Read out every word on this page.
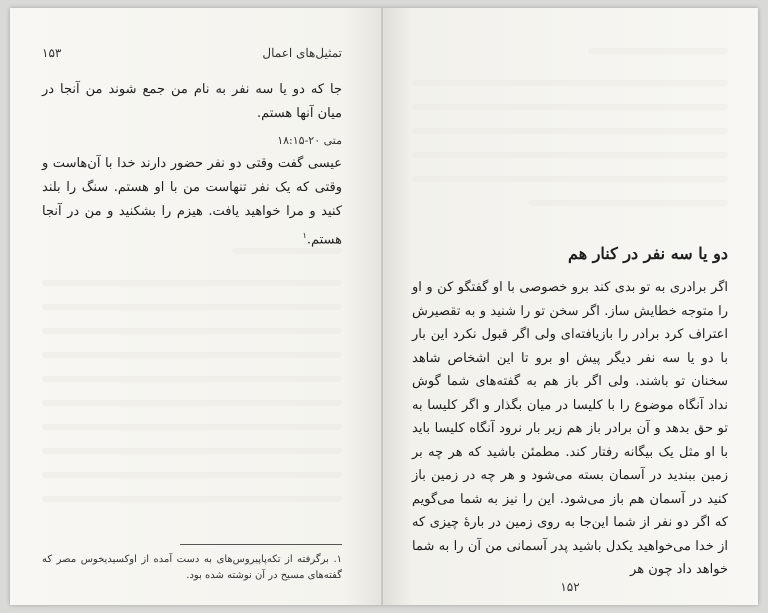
تمثیل‌های اعمال
۱۵۳

جا که دو یا سه نفر به نام من جمع شوند من آنجا در میان آنها هستم.

متی ۲۰-۱۸:۱۵

عیسی گفت وقتی دو نفر حضور دارند خدا با آن‌هاست و وقتی که یک نفر تنهاست من با او هستم. سنگ را بلند کنید و مرا خواهید یافت. هیزم را بشکنید و من در آنجا هستم.$^۱$

۱. برگرفته از تکه‌پاپیروس‌های به دست آمده از اوکسیدیخوس مصر که گفته‌های مسیح در آن نوشته شده بود.

دو یا سه نفر در کنار هم

اگر برادری به تو بدی کند برو خصوصی با او گفتگو کن و او را متوجه خطایش ساز. اگر سخن تو را شنید و به تقصیرش اعتراف کرد برادر را بازیافته‌ای ولی اگر قبول نکرد این بار با دو یا سه نفر دیگر پیش او برو تا این اشخاص شاهد سخنان تو باشند. ولی اگر باز هم به گفته‌های شما گوش نداد آنگاه موضوع را با کلیسا در میان بگذار و اگر کلیسا به تو حق بدهد و آن برادر باز هم زیر بار نرود آنگاه کلیسا باید با او مثل یک بیگانه رفتار کند. مطمئن باشید که هر چه بر زمین ببندید در آسمان بسته می‌شود و هر چه در زمین باز کنید در آسمان هم باز می‌شود. این را نیز به شما می‌گویم که اگر دو نفر از شما این‌جا به روی زمین در بارهٔ چیزی که از خدا می‌خواهید یکدل باشید پدر آسمانی من آن را به شما خواهد داد چون هر

۱۵۲
